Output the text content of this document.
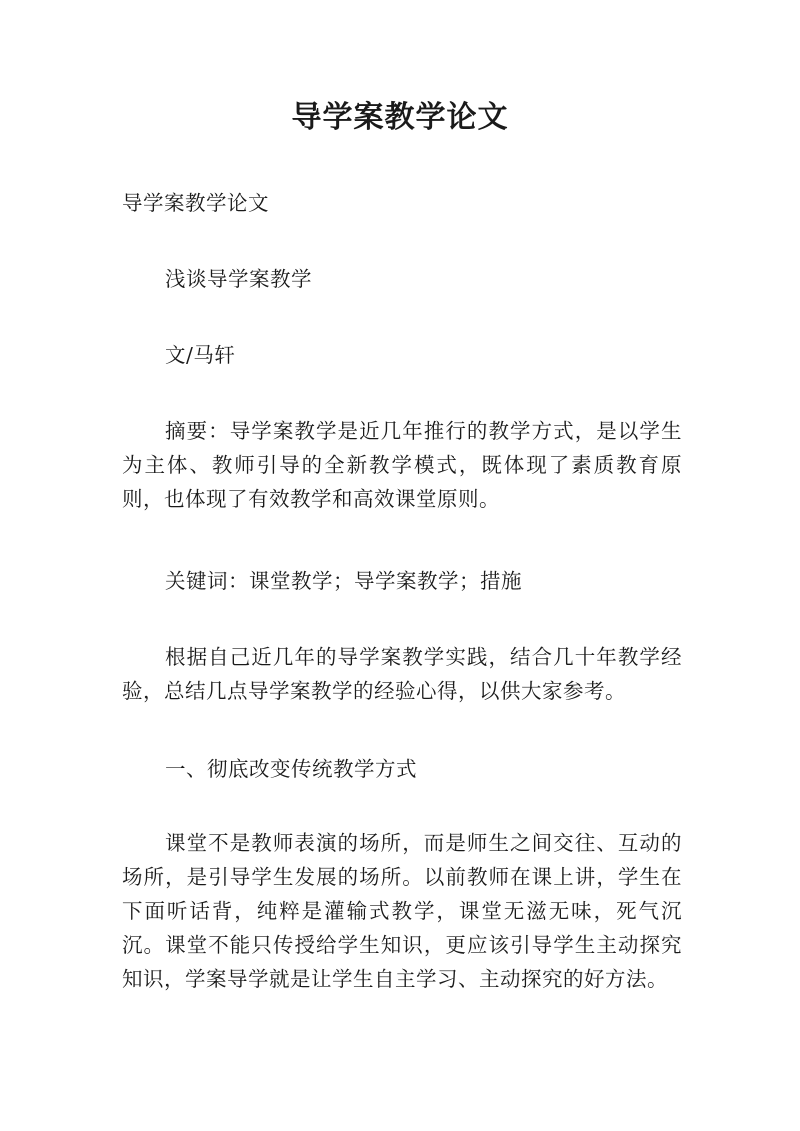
导学案教学论文

导学案教学论文

浅谈导学案教学

文/马轩

摘要：导学案教学是近几年推行的教学方式，是以学生为主体、教师引导的全新教学模式，既体现了素质教育原则，也体现了有效教学和高效课堂原则。

关键词：课堂教学；导学案教学；措施

根据自己近几年的导学案教学实践，结合几十年教学经验，总结几点导学案教学的经验心得，以供大家参考。

一、彻底改变传统教学方式

课堂不是教师表演的场所，而是师生之间交往、互动的场所，是引导学生发展的场所。以前教师在课上讲，学生在下面听话背，纯粹是灌输式教学，课堂无滋无味，死气沉沉。课堂不能只传授给学生知识，更应该引导学生主动探究知识，学案导学就是让学生自主学习、主动探究的好方法。
